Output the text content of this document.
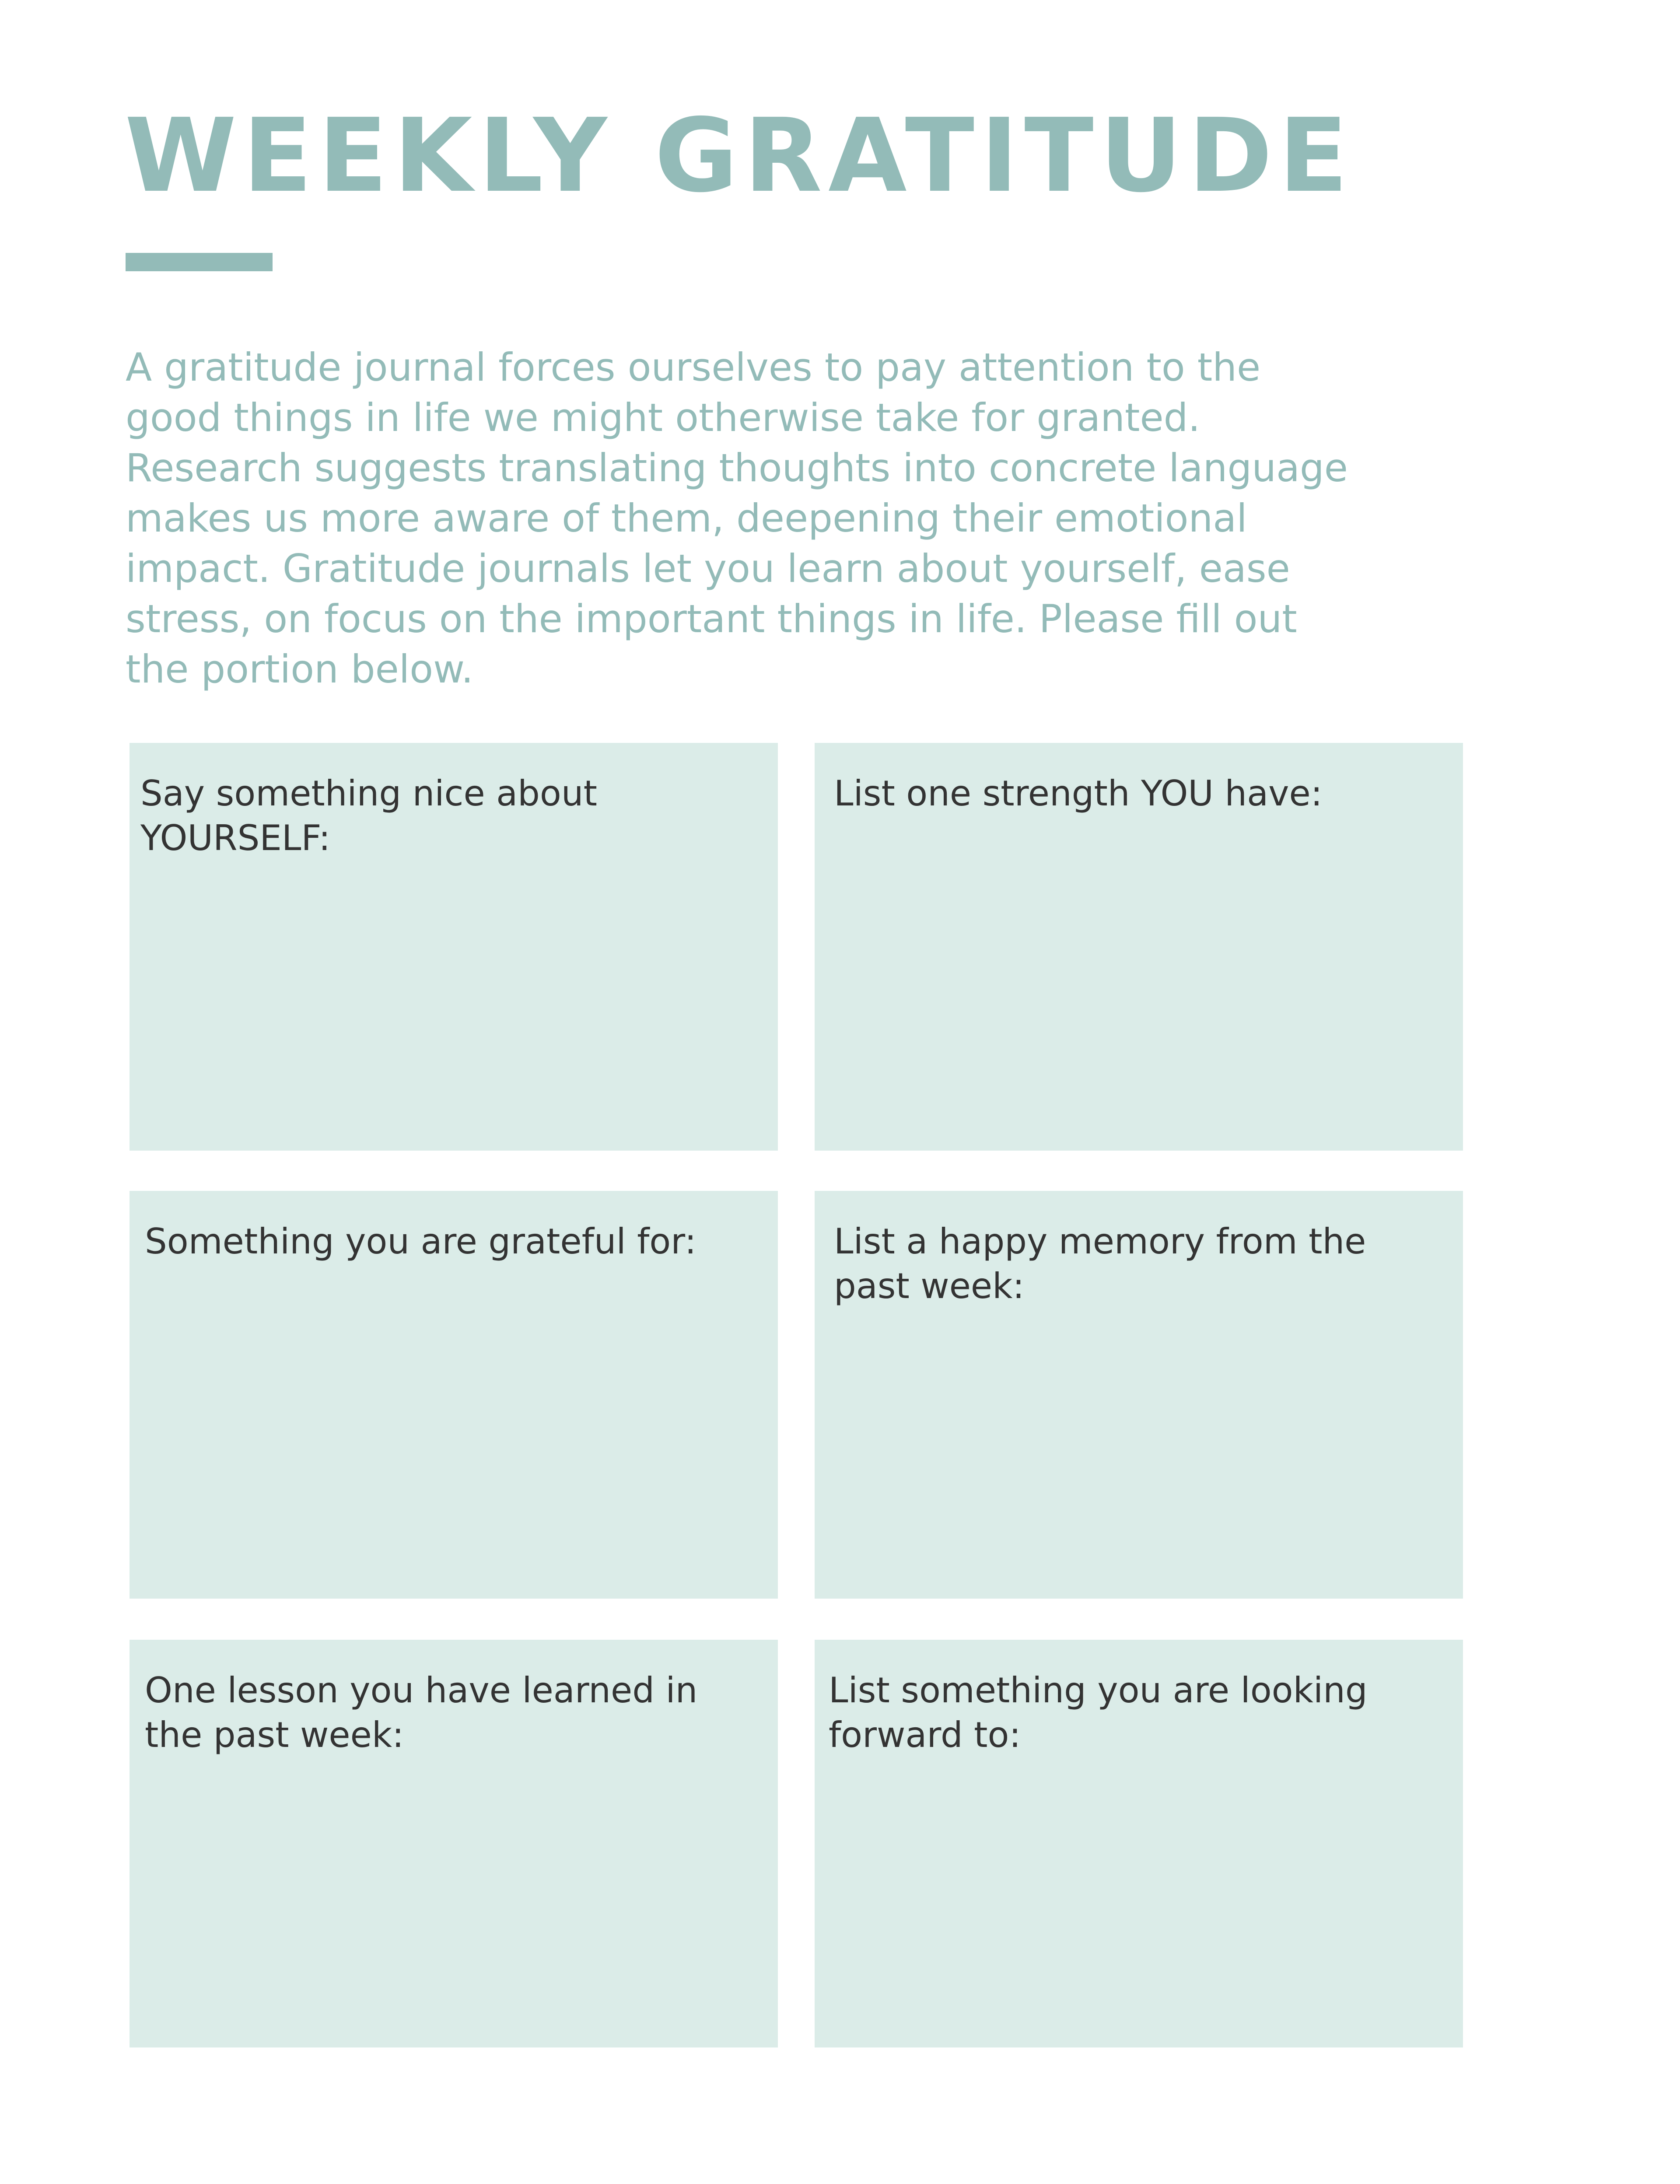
WEEKLY GRATITUDE

A gratitude journal forces ourselves to pay attention to the
good things in life we might otherwise take for granted.
Research suggests translating thoughts into concrete language
makes us more aware of them, deepening their emotional
impact. Gratitude journals let you learn about yourself, ease
stress, on focus on the important things in life. Please fill out
the portion below.

Say something nice about
YOURSELF:

List one strength YOU have:

Something you are grateful for:	List a happy memory from the
past week:

One lesson you have learned in
the past week:

List something you are looking
forward to:
